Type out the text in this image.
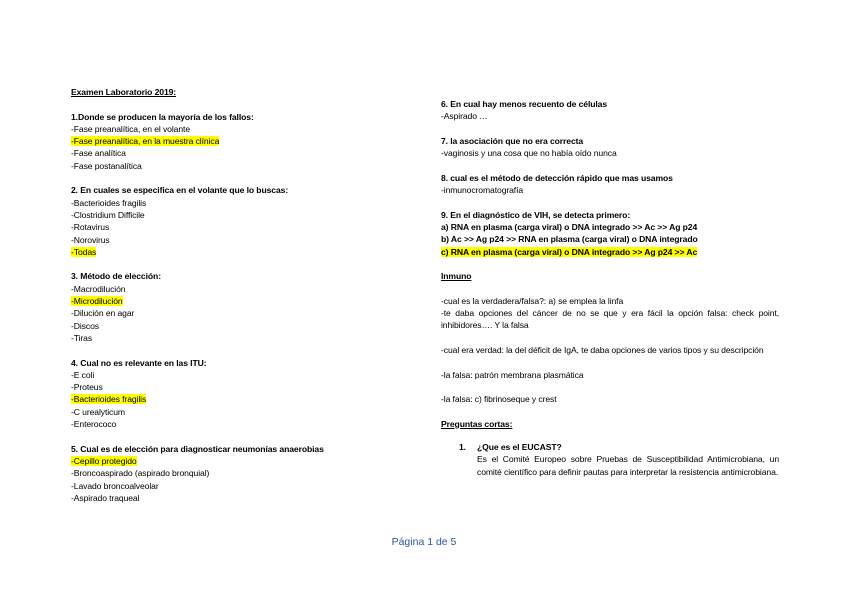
Examen Laboratorio 2019:
1.Donde se producen la mayoría de los fallos:
-Fase preanalítica, en el volante
-Fase preanalítica, en la muestra clínica
-Fase analítica
-Fase postanalítica
2. En cuales se especifica en el volante que lo buscas:
-Bacterioides fragilis
-Clostridium Difficile
-Rotavirus
-Norovirus
-Todas
3. Método de elección:
-Macrodilución
-Microdilución
-Dilución en agar
-Discos
-Tiras
4. Cual no es relevante en las ITU:
-E coli
-Proteus
-Bacterioides fragilis
-C urealyticum
-Enterococo
5. Cual es de elección para diagnosticar neumonías anaerobias
-Cepillo protegido
-Broncoaspirado (aspirado bronquial)
-Lavado broncoalveolar
-Aspirado traqueal
6. En cual hay menos recuento de células
-Aspirado …
7. la asociación que no era correcta
-vaginosis y una cosa que no había oído nunca
8. cual es el método de detección rápido que mas usamos
-inmunocromatografía
9. En el diagnóstico de VIH, se detecta primero:
a) RNA en plasma (carga viral) o DNA integrado >> Ac >> Ag p24
b) Ac >> Ag p24 >> RNA en plasma (carga viral) o DNA integrado
c) RNA en plasma (carga viral) o DNA integrado >> Ag p24 >> Ac
Inmuno
-cual es la verdadera/falsa?: a) se emplea la linfa
-te daba opciones del cáncer de no se que y era fácil la opción falsa: check point, inhibidores…. Y la falsa
-cual era verdad: la del déficit de IgA, te daba opciones de varios tipos y su descripción
-la falsa: patrón membrana plasmática
-la falsa: c) fibrinoseque y crest
Preguntas cortas:
1.	¿Que es el EUCAST?
Es el Comité Europeo sobre Pruebas de Susceptibilidad Antimicrobiana, un comité científico para definir pautas para interpretar la resistencia antimicrobiana.
Página 1 de 5
